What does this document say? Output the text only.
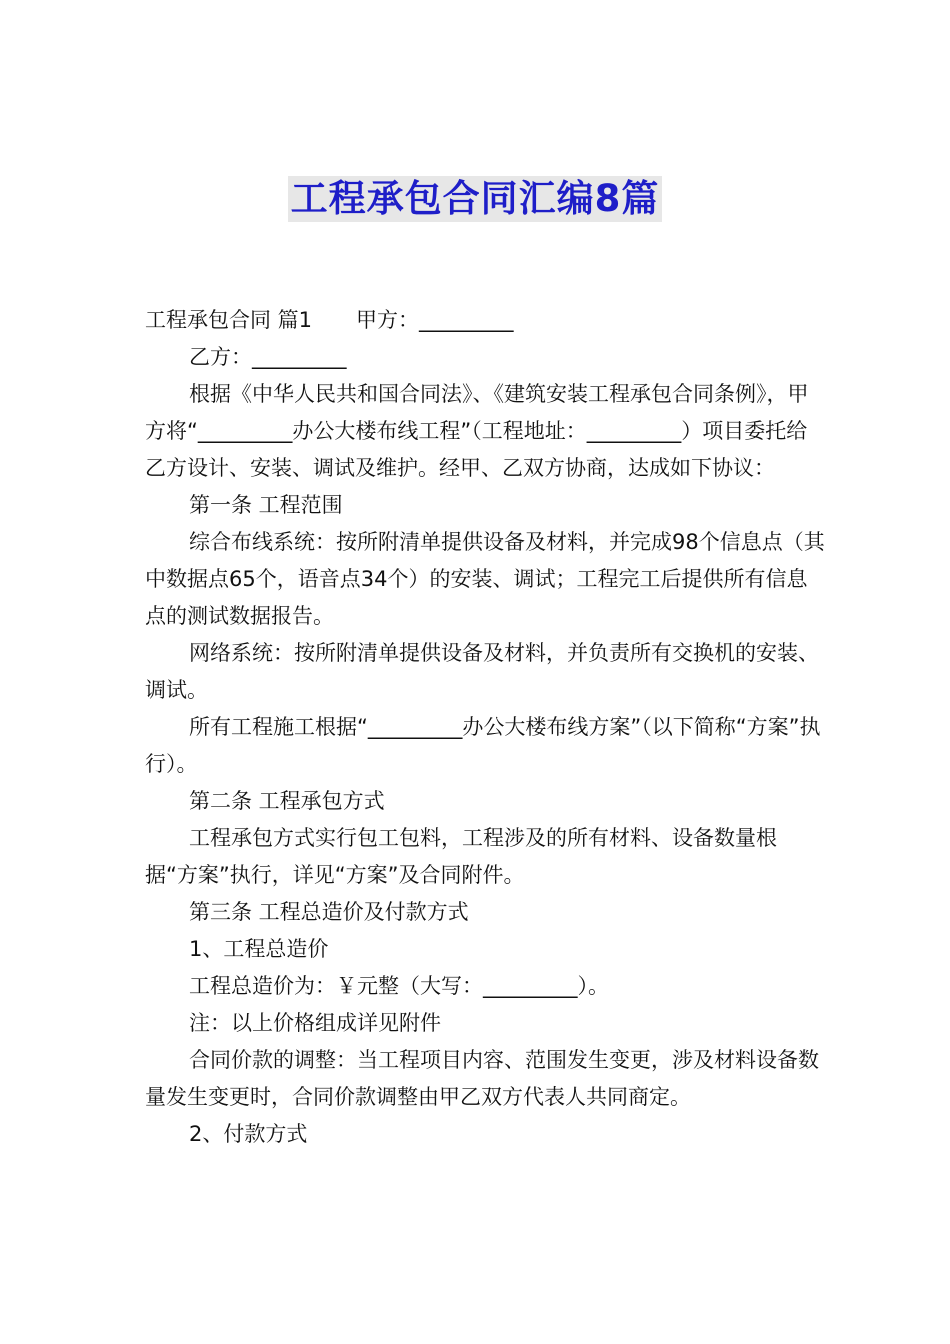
工程承包合同汇编8篇

工程承包合同 篇1 甲方：_________

乙方：_________

根据《中华人民共和国合同法》、《建筑安装工程承包合同条例》，甲方将“_________办公大楼布线工程”（工程地址：_________）项目委托给乙方设计、安装、调试及维护。经甲、乙双方协商，达成如下协议：

第一条 工程范围

综合布线系统：按所附清单提供设备及材料，并完成98个信息点（其中数据点65个，语音点34个）的安装、调试；工程完工后提供所有信息点的测试数据报告。

网络系统：按所附清单提供设备及材料，并负责所有交换机的安装、调试。

所有工程施工根据“_________办公大楼布线方案”（以下简称“方案”执行）。

第二条 工程承包方式

工程承包方式实行包工包料，工程涉及的所有材料、设备数量根据“方案”执行，详见“方案”及合同附件。

第三条 工程总造价及付款方式

1、工程总造价

工程总造价为：￥元整（大写：_________）。

注：以上价格组成详见附件

合同价款的调整：当工程项目内容、范围发生变更，涉及材料设备数量发生变更时，合同价款调整由甲乙双方代表人共同商定。

2、付款方式
